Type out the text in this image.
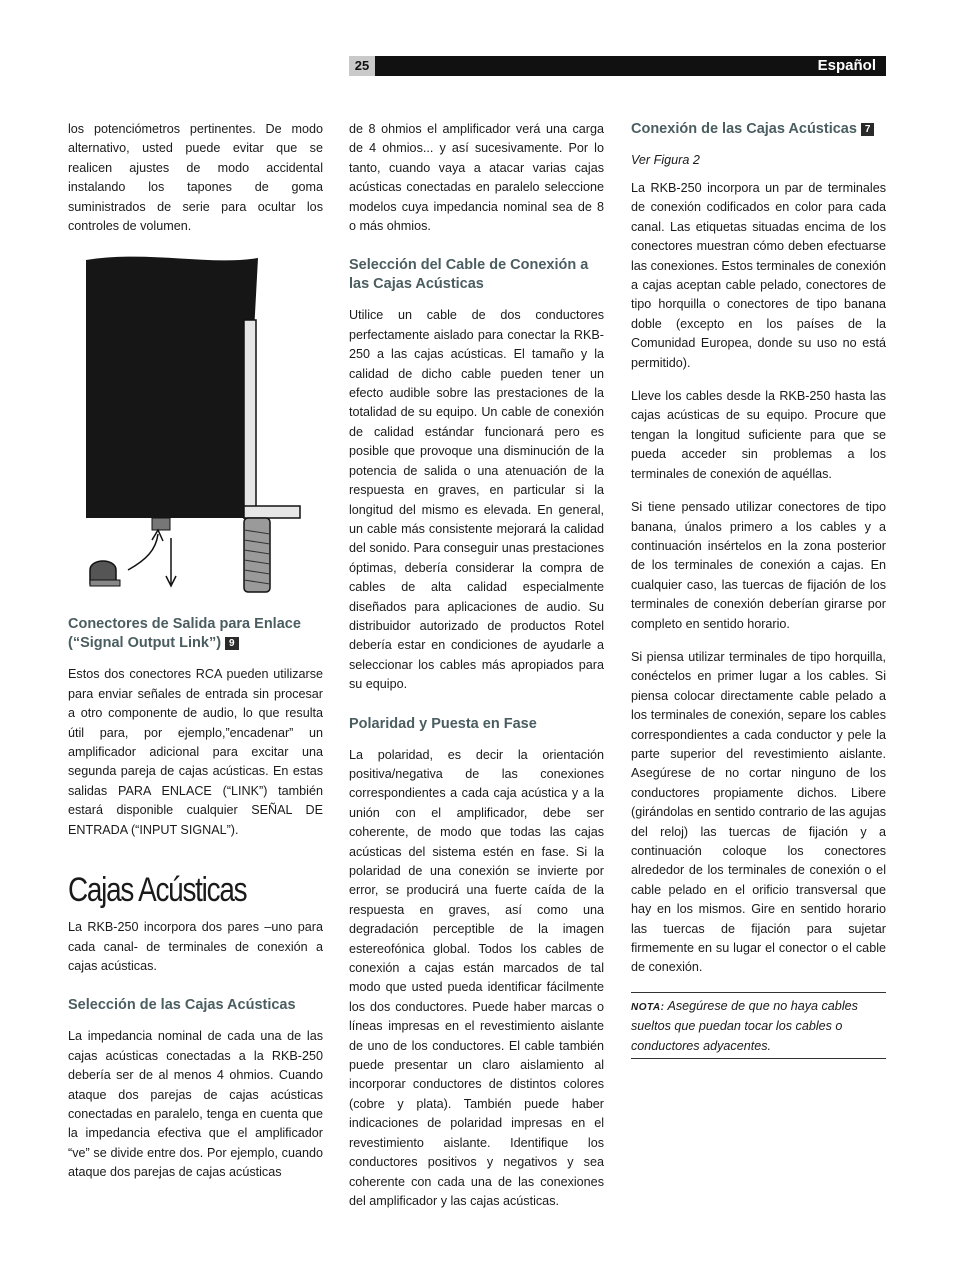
25	Español

los potenciómetros pertinentes. De modo alternativo, usted puede evitar que se realicen ajustes de modo accidental instalando los tapones de goma suministrados de serie para ocultar los controles de volumen.

Conectores de Salida para Enlace (“Signal Output Link”) 9

Estos dos conectores RCA pueden utilizarse para enviar señales de entrada sin procesar a otro componente de audio, lo que resulta útil para, por ejemplo,”encadenar” un amplificador adicional para excitar una segunda pareja de cajas acústicas. En estas salidas PARA ENLACE (“LINK”) también estará disponible cualquier SEÑAL DE ENTRADA (“INPUT SIGNAL”).

Cajas Acústicas

La RKB-250 incorpora dos pares –uno para cada canal- de terminales de conexión a cajas acústicas.

Selección de las Cajas Acústicas

La impedancia nominal de cada una de las cajas acústicas conectadas a la RKB-250 debería ser de al menos 4 ohmios. Cuando ataque dos parejas de cajas acústicas conectadas en paralelo, tenga en cuenta que la impedancia efectiva que el amplificador “ve” se divide entre dos. Por ejemplo, cuando ataque dos parejas de cajas acústicas

de 8 ohmios el amplificador verá una carga de 4 ohmios... y así sucesivamente. Por lo tanto, cuando vaya a atacar varias cajas acústicas conectadas en paralelo seleccione modelos cuya impedancia nominal sea de 8 o más ohmios.

Selección del Cable de Conexión a las Cajas Acústicas

Utilice un cable de dos conductores perfectamente aislado para conectar la RKB-250 a las cajas acústicas. El tamaño y la calidad de dicho cable pueden tener un efecto audible sobre las prestaciones de la totalidad de su equipo. Un cable de conexión de calidad estándar funcionará pero es posible que provoque una disminución de la potencia de salida o una atenuación de la respuesta en graves, en particular si la longitud del mismo es elevada. En general, un cable más consistente mejorará la calidad del sonido. Para conseguir unas prestaciones óptimas, debería considerar la compra de cables de alta calidad especialmente diseñados para aplicaciones de audio. Su distribuidor autorizado de productos Rotel debería estar en condiciones de ayudarle a seleccionar los cables más apropiados para su equipo.

Polaridad y Puesta en Fase

La polaridad, es decir la orientación positiva/negativa de las conexiones correspondientes a cada caja acústica y a la unión con el amplificador, debe ser coherente, de modo que todas las cajas acústicas del sistema estén en fase. Si la polaridad de una conexión se invierte por error, se producirá una fuerte caída de la respuesta en graves, así como una degradación perceptible de la imagen estereofónica global. Todos los cables de conexión a cajas están marcados de tal modo que usted pueda identificar fácilmente los dos conductores. Puede haber marcas o líneas impresas en el revestimiento aislante de uno de los conductores. El cable también puede presentar un claro aislamiento al incorporar conductores de distintos colores (cobre y plata). También puede haber indicaciones de polaridad impresas en el revestimiento aislante. Identifique los conductores positivos y negativos y sea coherente con cada una de las conexiones del amplificador y las cajas acústicas.

Conexión de las Cajas Acústicas 7

Ver Figura 2

La RKB-250 incorpora un par de terminales de conexión codificados en color para cada canal. Las etiquetas situadas encima de los conectores muestran cómo deben efectuarse las conexiones. Estos terminales de conexión a cajas aceptan cable pelado, conectores de tipo horquilla o conectores de tipo banana doble (excepto en los países de la Comunidad Europea, donde su uso no está permitido).

Lleve los cables desde la RKB-250 hasta las cajas acústicas de su equipo. Procure que tengan la longitud suficiente para que se pueda acceder sin problemas a los terminales de conexión de aquéllas.

Si tiene pensado utilizar conectores de tipo banana, únalos primero a los cables y a continuación insértelos en la zona posterior de los terminales de conexión a cajas. En cualquier caso, las tuercas de fijación de los terminales de conexión deberían girarse por completo en sentido horario.

Si piensa utilizar terminales de tipo horquilla, conéctelos en primer lugar a los cables. Si piensa colocar directamente cable pelado a los terminales de conexión, separe los cables correspondientes a cada conductor y pele la parte superior del revestimiento aislante. Asegúrese de no cortar ninguno de los conductores propiamente dichos. Libere (girándolas en sentido contrario de las agujas del reloj) las tuercas de fijación y a continuación coloque los conectores alrededor de los terminales de conexión o el cable pelado en el orificio transversal que hay en los mismos. Gire en sentido horario las tuercas de fijación para sujetar firmemente en su lugar el conector o el cable de conexión.

NOTA: Asegúrese de que no haya cables sueltos que puedan tocar los cables o conductores adyacentes.
